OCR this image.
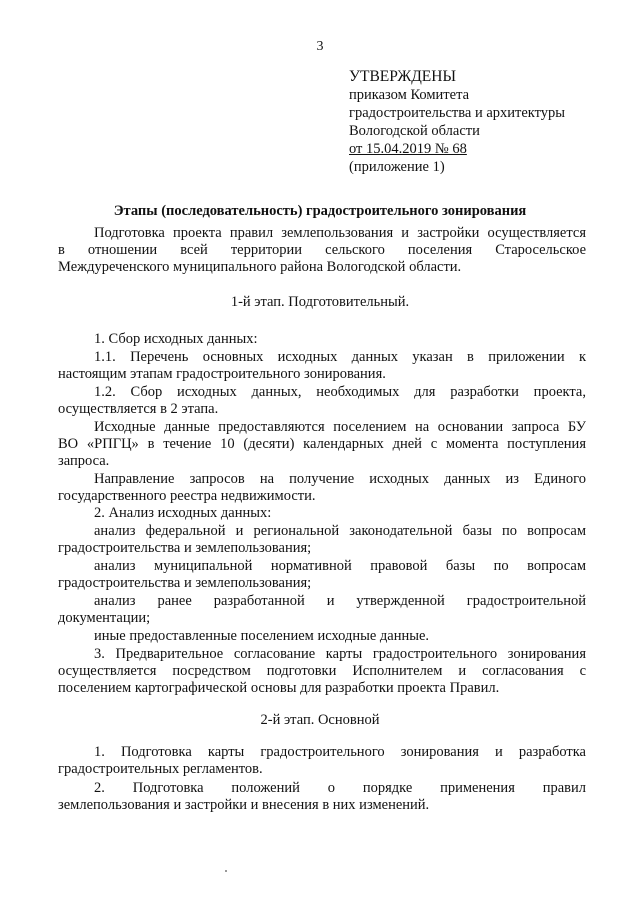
3
УТВЕРЖДЕНЫ
приказом Комитета
градостроительства и архитектуры
Вологодской области
от 15.04.2019 № 68
(приложение 1)
Этапы (последовательность) градостроительного зонирования
Подготовка проекта правил землепользования и застройки осуществляется
в отношении всей территории сельского поселения Старосельское
Междуреченского муниципального района Вологодской области.
1-й этап. Подготовительный.
1. Сбор исходных данных:
1.1. Перечень основных исходных данных указан в приложении к
настоящим этапам градостроительного зонирования.
1.2. Сбор исходных данных, необходимых для разработки проекта,
осуществляется в 2 этапа.
Исходные данные предоставляются поселением на основании запроса БУ
ВО «РПГЦ» в течение 10 (десяти) календарных дней с момента поступления
запроса.
Направление запросов на получение исходных данных из Единого
государственного реестра недвижимости.
2. Анализ исходных данных:
анализ федеральной и региональной законодательной базы по вопросам
градостроительства и землепользования;
анализ муниципальной нормативной правовой базы по вопросам
градостроительства и землепользования;
анализ ранее разработанной и утвержденной градостроительной
документации;
иные предоставленные поселением исходные данные.
3. Предварительное согласование карты градостроительного зонирования
осуществляется посредством подготовки Исполнителем и согласования с
поселением картографической основы для разработки проекта Правил.
2-й этап. Основной
1. Подготовка карты градостроительного зонирования и разработка
градостроительных регламентов.
2. Подготовка положений о порядке применения правил
землепользования и застройки и внесения в них изменений.
